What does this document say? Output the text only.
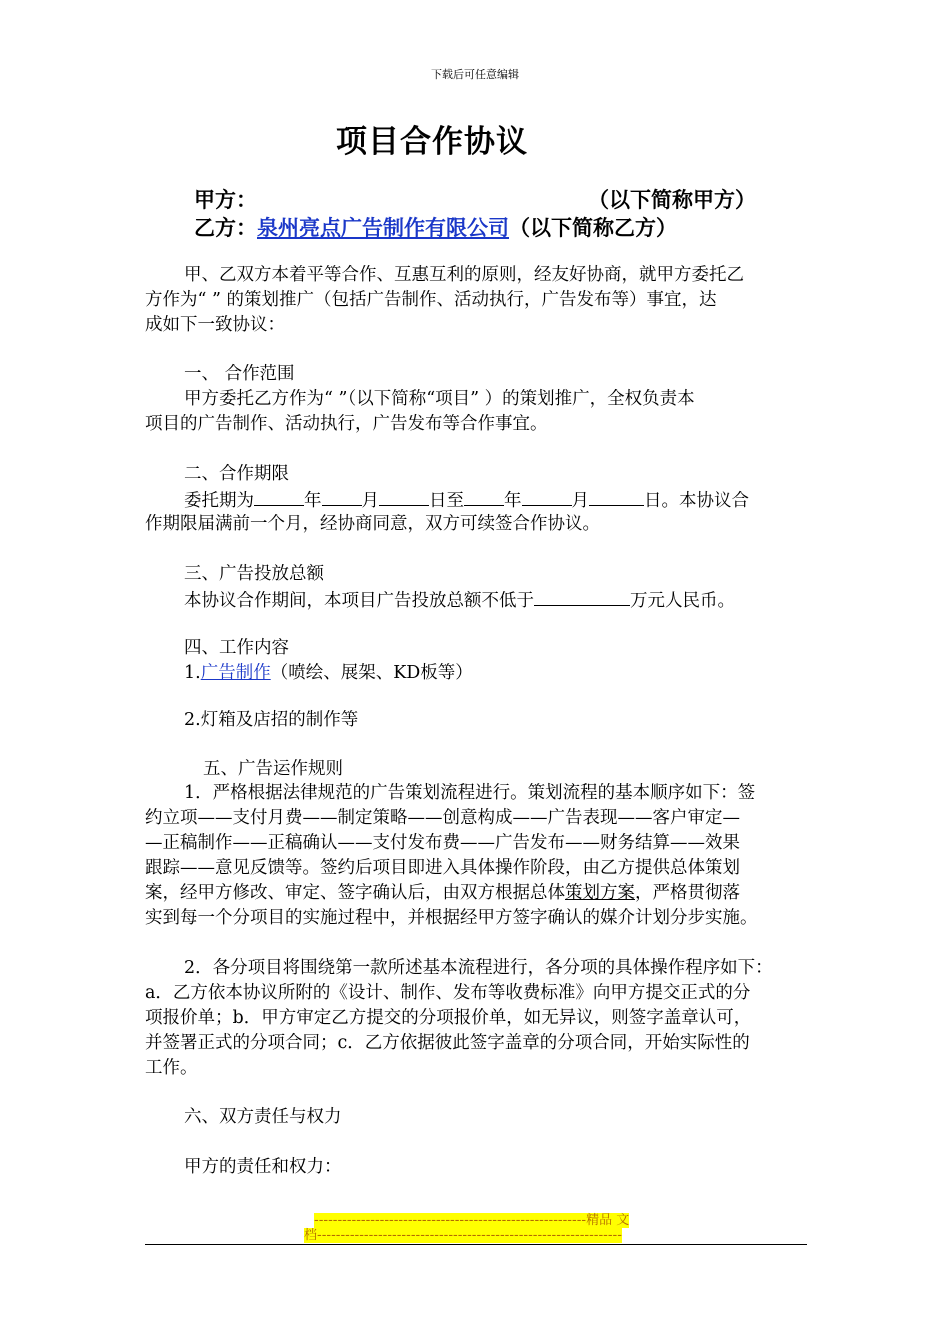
下载后可任意编辑
项目合作协议
甲方：	（以下简称甲方）
乙方：泉州亮点广告制作有限公司（以下简称乙方）
甲、乙双方本着平等合作、互惠互利的原则，经友好协商，就甲方委托乙
方作为“ ” 的策划推广（包括广告制作、活动执行，广告发布等）事宜，达
成如下一致协议：
一、 合作范围
甲方委托乙方作为“ ”（以下简称“项目” ）的策划推广，全权负责本
项目的广告制作、活动执行，广告发布等合作事宜。
二、合作期限
委托期为	年 月	日至 年	月	日。本协议合
作期限届满前一个月，经协商同意，双方可续签合作协议。
三、广告投放总额
本协议合作期间，本项目广告投放总额不低于	万元人民币。
四、工作内容
1.广告制作（喷绘、展架、KD板等）
2.灯箱及店招的制作等
五、广告运作规则
1．严格根据法律规范的广告策划流程进行。策划流程的基本顺序如下：签
约立项——支付月费——制定策略——创意构成——广告表现——客户审定—
—正稿制作——正稿确认——支付发布费——广告发布——财务结算——效果
跟踪——意见反馈等。签约后项目即进入具体操作阶段，由乙方提供总体策划
案，经甲方修改、审定、签字确认后，由双方根据总体策划方案，严格贯彻落
实到每一个分项目的实施过程中，并根据经甲方签字确认的媒介计划分步实施。
2．各分项目将围绕第一款所述基本流程进行，各分项的具体操作程序如下：
a．乙方依本协议所附的《设计、制作、发布等收费标准》向甲方提交正式的分
项报价单；b．甲方审定乙方提交的分项报价单，如无异议，则签字盖章认可，
并签署正式的分项合同；c．乙方依据彼此签字盖章的分项合同，开始实际性的
工作。
六、双方责任与权力
甲方的责任和权力：
----------------------------------------------------------精品 文
档-----------------------------------------------------------------
